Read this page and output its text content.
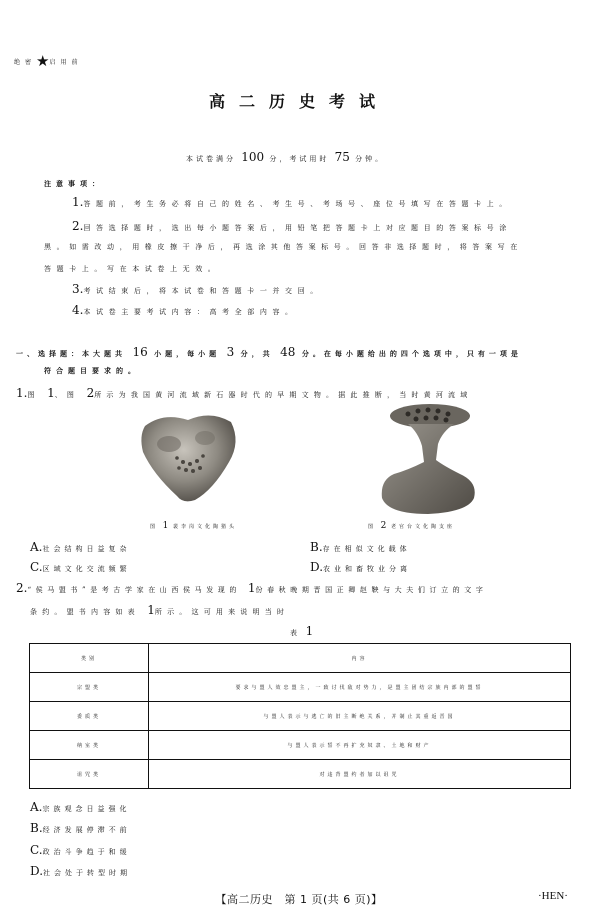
绝密★启用前
高二历史考试
本试卷满分 100 分，考试用时 75 分钟。
注意事项：
1.答题前，考生务必将自己的姓名、考生号、考场号、座位号填写在答题卡上。
2.回答选择题时，选出每小题答案后，用铅笔把答题卡上对应题目的答案标号涂
黑。如需改动，用橡皮擦干净后，再选涂其他答案标号。回答非选择题时，将答案写在
答题卡上。写在本试卷上无效。
3.考试结束后，将本试卷和答题卡一并交回。
4.本试卷主要考试内容：高考全部内容。
一、选择题：本大题共 16 小题，每小题 3 分，共 48 分。在每小题给出的四个选项中，只有一项是
符合题目要求的。
1.图 1、图 2所示为我国黄河流域新石器时代的早期文物。据此推断，当时黄河流域
图 1 裴李岗文化陶猪头	图 2 老官台文化陶支座
A.社会结构日益复杂	B.存在相似文化载体
C.区域文化交流频繁	D.农业和畜牧业分离
2.“侯马盟书”是考古学家在山西侯马发现的 1份春秋晚期晋国正卿赵鞅与大夫们订立的文字
条约。盟书内容如表 1所示。这可用来说明当时
表 1
类别	内容
宗盟类	要求与盟人效忠盟主，一致讨伐敌对势力，是盟主团结宗族内部的盟誓
委质类	与盟人表示与逃亡的旧主断绝关系，并制止其重返晋国
纳室类	与盟人表示誓不再扩充奴隶、土地和财产
诅咒类	对违背盟约者加以诅咒
A.宗族观念日益强化
B.经济发展停滞不前
C.政治斗争趋于和缓
D.社会处于转型时期
【高二历史　第 1 页(共 6 页)】	·HEN·
